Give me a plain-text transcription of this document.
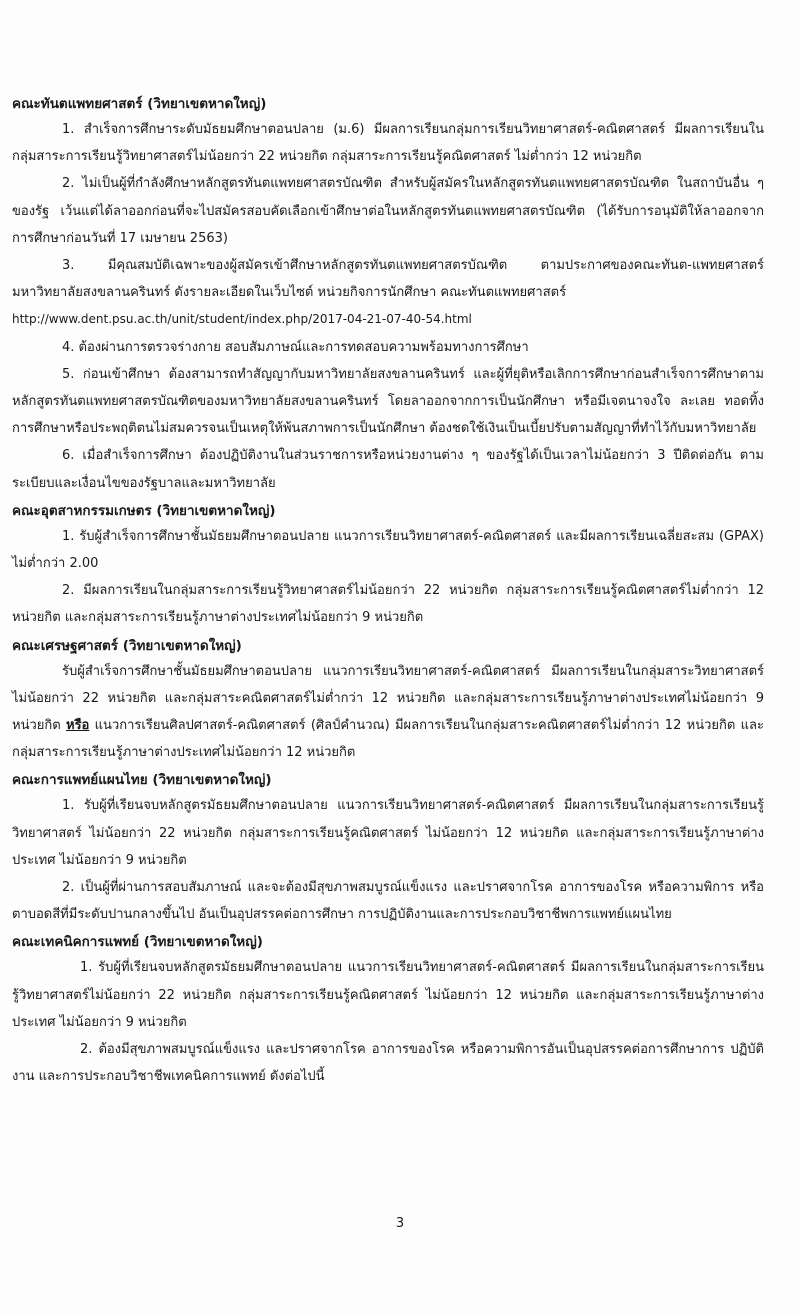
คณะทันตแพทยศาสตร์ (วิทยาเขตหาดใหญ่)

1. สำเร็จการศึกษาระดับมัธยมศึกษาตอนปลาย (ม.6) มีผลการเรียนกลุ่มการเรียนวิทยาศาสตร์-คณิตศาสตร์ มีผลการเรียนในกลุ่มสาระการเรียนรู้วิทยาศาสตร์ไม่น้อยกว่า 22 หน่วยกิต กลุ่มสาระการเรียนรู้คณิตศาสตร์ ไม่ต่ำกว่า 12 หน่วยกิต

2. ไม่เป็นผู้ที่กำลังศึกษาหลักสูตรทันตแพทยศาสตรบัณฑิต สำหรับผู้สมัครในหลักสูตรทันตแพทยศาสตรบัณฑิต ในสถาบันอื่น ๆ ของรัฐ เว้นแต่ได้ลาออกก่อนที่จะไปสมัครสอบคัดเลือกเข้าศึกษาต่อในหลักสูตรทันตแพทยศาสตรบัณฑิต (ได้รับการอนุมัติให้ลาออกจากการศึกษาก่อนวันที่ 17 เมษายน 2563)

3. มีคุณสมบัติเฉพาะของผู้สมัครเข้าศึกษาหลักสูตรทันตแพทยศาสตรบัณฑิต ตามประกาศของคณะทันต-แพทยศาสตร์ มหาวิทยาลัยสงขลานครินทร์ ดังรายละเอียดในเว็บไซต์ หน่วยกิจการนักศึกษา คณะทันตแพทยศาสตร์

http://www.dent.psu.ac.th/unit/student/index.php/2017-04-21-07-40-54.html

4. ต้องผ่านการตรวจร่างกาย สอบสัมภาษณ์และการทดสอบความพร้อมทางการศึกษา

5. ก่อนเข้าศึกษา ต้องสามารถทำสัญญากับมหาวิทยาลัยสงขลานครินทร์ และผู้ที่ยุติหรือเลิกการศึกษาก่อนสำเร็จการศึกษาตามหลักสูตรทันตแพทยศาสตรบัณฑิตของมหาวิทยาลัยสงขลานครินทร์ โดยลาออกจากการเป็นนักศึกษา หรือมีเจตนาจงใจ ละเลย ทอดทิ้งการศึกษาหรือประพฤติตนไม่สมควรจนเป็นเหตุให้พ้นสภาพการเป็นนักศึกษา ต้องชดใช้เงินเป็นเบี้ยปรับตามสัญญาที่ทำไว้กับมหาวิทยาลัย

6. เมื่อสำเร็จการศึกษา ต้องปฏิบัติงานในส่วนราชการหรือหน่วยงานต่าง ๆ ของรัฐได้เป็นเวลาไม่น้อยกว่า 3 ปีติดต่อกัน ตามระเบียบและเงื่อนไขของรัฐบาลและมหาวิทยาลัย

คณะอุตสาหกรรมเกษตร (วิทยาเขตหาดใหญ่)

1. รับผู้สำเร็จการศึกษาชั้นมัธยมศึกษาตอนปลาย แนวการเรียนวิทยาศาสตร์-คณิตศาสตร์ และมีผลการเรียนเฉลี่ยสะสม (GPAX) ไม่ต่ำกว่า 2.00

2. มีผลการเรียนในกลุ่มสาระการเรียนรู้วิทยาศาสตร์ไม่น้อยกว่า 22 หน่วยกิต กลุ่มสาระการเรียนรู้คณิตศาสตร์ไม่ต่ำกว่า 12 หน่วยกิต และกลุ่มสาระการเรียนรู้ภาษาต่างประเทศไม่น้อยกว่า 9 หน่วยกิต

คณะเศรษฐศาสตร์ (วิทยาเขตหาดใหญ่)

รับผู้สำเร็จการศึกษาชั้นมัธยมศึกษาตอนปลาย แนวการเรียนวิทยาศาสตร์-คณิตศาสตร์ มีผลการเรียนในกลุ่มสาระวิทยาศาสตร์ไม่น้อยกว่า 22 หน่วยกิต และกลุ่มสาระคณิตศาสตร์ไม่ต่ำกว่า 12 หน่วยกิต และกลุ่มสาระการเรียนรู้ภาษาต่างประเทศไม่น้อยกว่า 9 หน่วยกิต หรือ แนวการเรียนศิลปศาสตร์-คณิตศาสตร์ (ศิลป์คำนวณ) มีผลการเรียนในกลุ่มสาระคณิตศาสตร์ไม่ต่ำกว่า 12 หน่วยกิต และกลุ่มสาระการเรียนรู้ภาษาต่างประเทศไม่น้อยกว่า 12 หน่วยกิต

คณะการแพทย์แผนไทย (วิทยาเขตหาดใหญ่)

1. รับผู้ที่เรียนจบหลักสูตรมัธยมศึกษาตอนปลาย แนวการเรียนวิทยาศาสตร์-คณิตศาสตร์ มีผลการเรียนในกลุ่มสาระการเรียนรู้วิทยาศาสตร์ ไม่น้อยกว่า 22 หน่วยกิต กลุ่มสาระการเรียนรู้คณิตศาสตร์ ไม่น้อยกว่า 12 หน่วยกิต และกลุ่มสาระการเรียนรู้ภาษาต่างประเทศ ไม่น้อยกว่า 9 หน่วยกิต

2. เป็นผู้ที่ผ่านการสอบสัมภาษณ์ และจะต้องมีสุขภาพสมบูรณ์แข็งแรง และปราศจากโรค อาการของโรค หรือความพิการ หรือ ตาบอดสีที่มีระดับปานกลางขึ้นไป อันเป็นอุปสรรคต่อการศึกษา การปฏิบัติงานและการประกอบวิชาชีพการแพทย์แผนไทย

คณะเทคนิคการแพทย์ (วิทยาเขตหาดใหญ่)

1. รับผู้ที่เรียนจบหลักสูตรมัธยมศึกษาตอนปลาย แนวการเรียนวิทยาศาสตร์-คณิตศาสตร์ มีผลการเรียนในกลุ่มสาระการเรียนรู้วิทยาศาสตร์ไม่น้อยกว่า 22 หน่วยกิต กลุ่มสาระการเรียนรู้คณิตศาสตร์ ไม่น้อยกว่า 12 หน่วยกิต และกลุ่มสาระการเรียนรู้ภาษาต่างประเทศ ไม่น้อยกว่า 9 หน่วยกิต

2. ต้องมีสุขภาพสมบูรณ์แข็งแรง และปราศจากโรค อาการของโรค หรือความพิการอันเป็นอุปสรรคต่อการศึกษาการ ปฏิบัติงาน และการประกอบวิชาชีพเทคนิคการแพทย์ ดังต่อไปนี้

3
